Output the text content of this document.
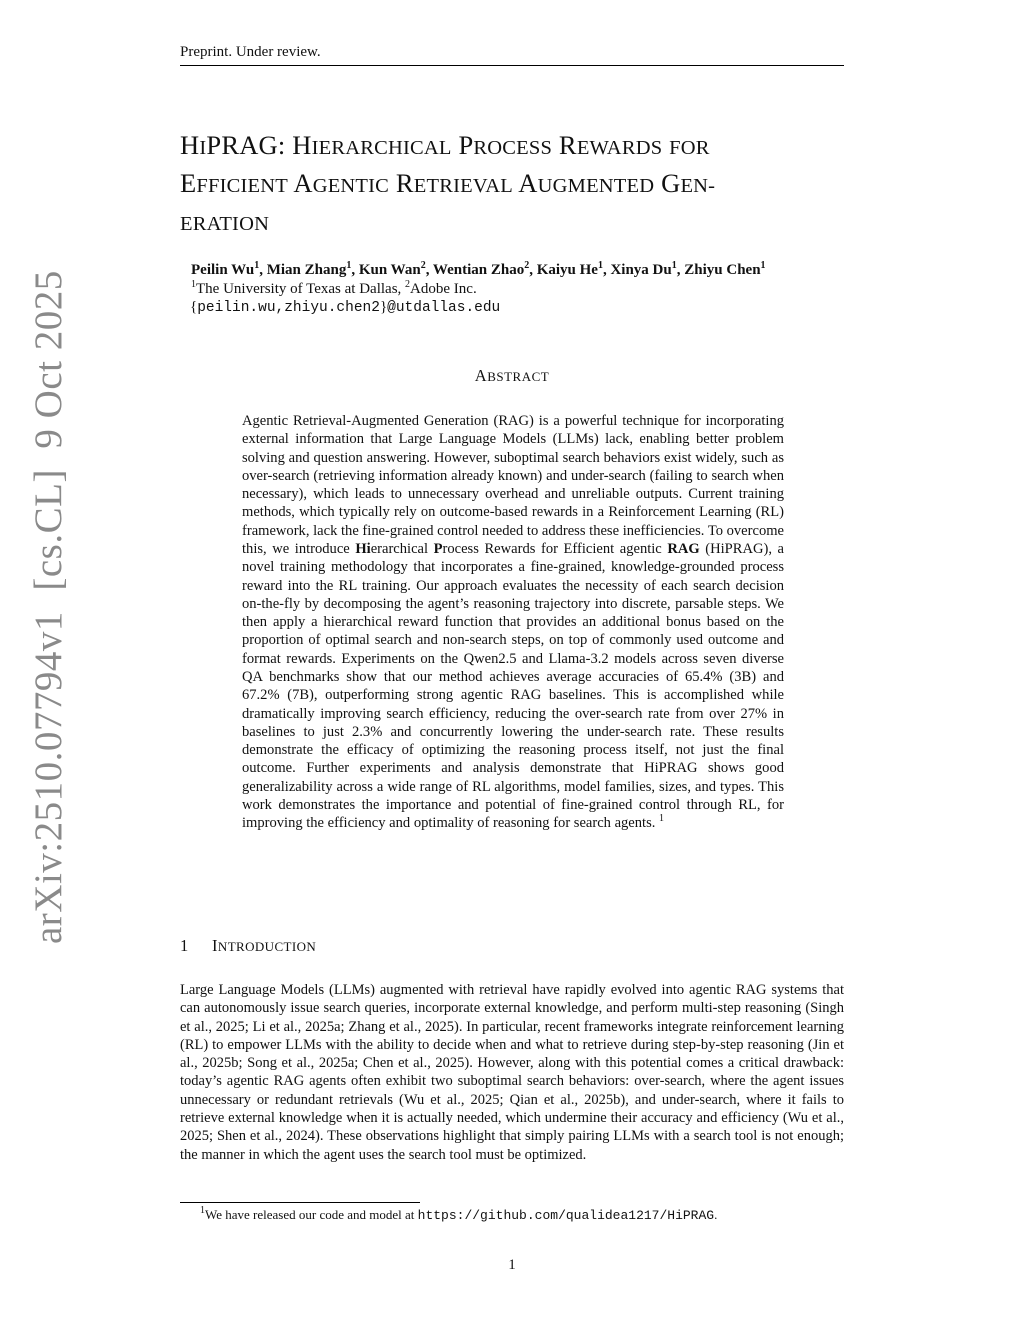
Preprint. Under review.
arXiv:2510.07794v1  [cs.CL]  9 Oct 2025
HIPRAG: HIERARCHICAL PROCESS REWARDS FOR
EFFICIENT AGENTIC RETRIEVAL AUGMENTED GEN-
ERATION
Peilin Wu$^1$, Mian Zhang$^1$, Kun Wan$^2$, Wentian Zhao$^2$, Kaiyu He$^1$, Xinya Du$^1$, Zhiyu Chen$^1$
$^1$The University of Texas at Dallas, $^2$Adobe Inc.
{peilin.wu,zhiyu.chen2}@utdallas.edu
ABSTRACT

Agentic Retrieval-Augmented Generation (RAG) is a powerful technique for incorporating external information that Large Language Models (LLMs) lack, enabling better problem solving and question answering. However, suboptimal search behaviors exist widely, such as over-search (retrieving information already known) and under-search (failing to search when necessary), which leads to unnecessary overhead and unreliable outputs. Current training methods, which typically rely on outcome-based rewards in a Reinforcement Learning (RL) framework, lack the fine-grained control needed to address these inefficiencies. To overcome this, we introduce Hierarchical Process Rewards for Efficient agentic RAG (HiPRAG), a novel training methodology that incorporates a fine-grained, knowledge-grounded process reward into the RL training. Our approach evaluates the necessity of each search decision on-the-fly by decomposing the agent’s reasoning trajectory into discrete, parsable steps. We then apply a hierarchical reward function that provides an additional bonus based on the proportion of optimal search and non-search steps, on top of commonly used outcome and format rewards. Experiments on the Qwen2.5 and Llama-3.2 models across seven diverse QA benchmarks show that our method achieves average accuracies of 65.4% (3B) and 67.2% (7B), outperforming strong agentic RAG baselines. This is accomplished while dramatically improving search efficiency, reducing the over-search rate from over 27% in baselines to just 2.3% and concurrently lowering the under-search rate. These results demonstrate the efficacy of optimizing the reasoning process itself, not just the final outcome. Further experiments and analysis demonstrate that HiPRAG shows good generalizability across a wide range of RL algorithms, model families, sizes, and types. This work demonstrates the importance and potential of fine-grained control through RL, for improving the efficiency and optimality of reasoning for search agents. $^1$

1 INTRODUCTION

Large Language Models (LLMs) augmented with retrieval have rapidly evolved into agentic RAG systems that can autonomously issue search queries, incorporate external knowledge, and perform multi-step reasoning (Singh et al., 2025; Li et al., 2025a; Zhang et al., 2025). In particular, recent frameworks integrate reinforcement learning (RL) to empower LLMs with the ability to decide when and what to retrieve during step-by-step reasoning (Jin et al., 2025b; Song et al., 2025a; Chen et al., 2025). However, along with this potential comes a critical drawback: today’s agentic RAG agents often exhibit two suboptimal search behaviors: over-search, where the agent issues unnecessary or redundant retrievals (Wu et al., 2025; Qian et al., 2025b), and under-search, where it fails to retrieve external knowledge when it is actually needed, which undermine their accuracy and efficiency (Wu et al., 2025; Shen et al., 2024). These observations highlight that simply pairing LLMs with a search tool is not enough; the manner in which the agent uses the search tool must be optimized.

$^1$We have released our code and model at https://github.com/qualidea1217/HiPRAG.
1
